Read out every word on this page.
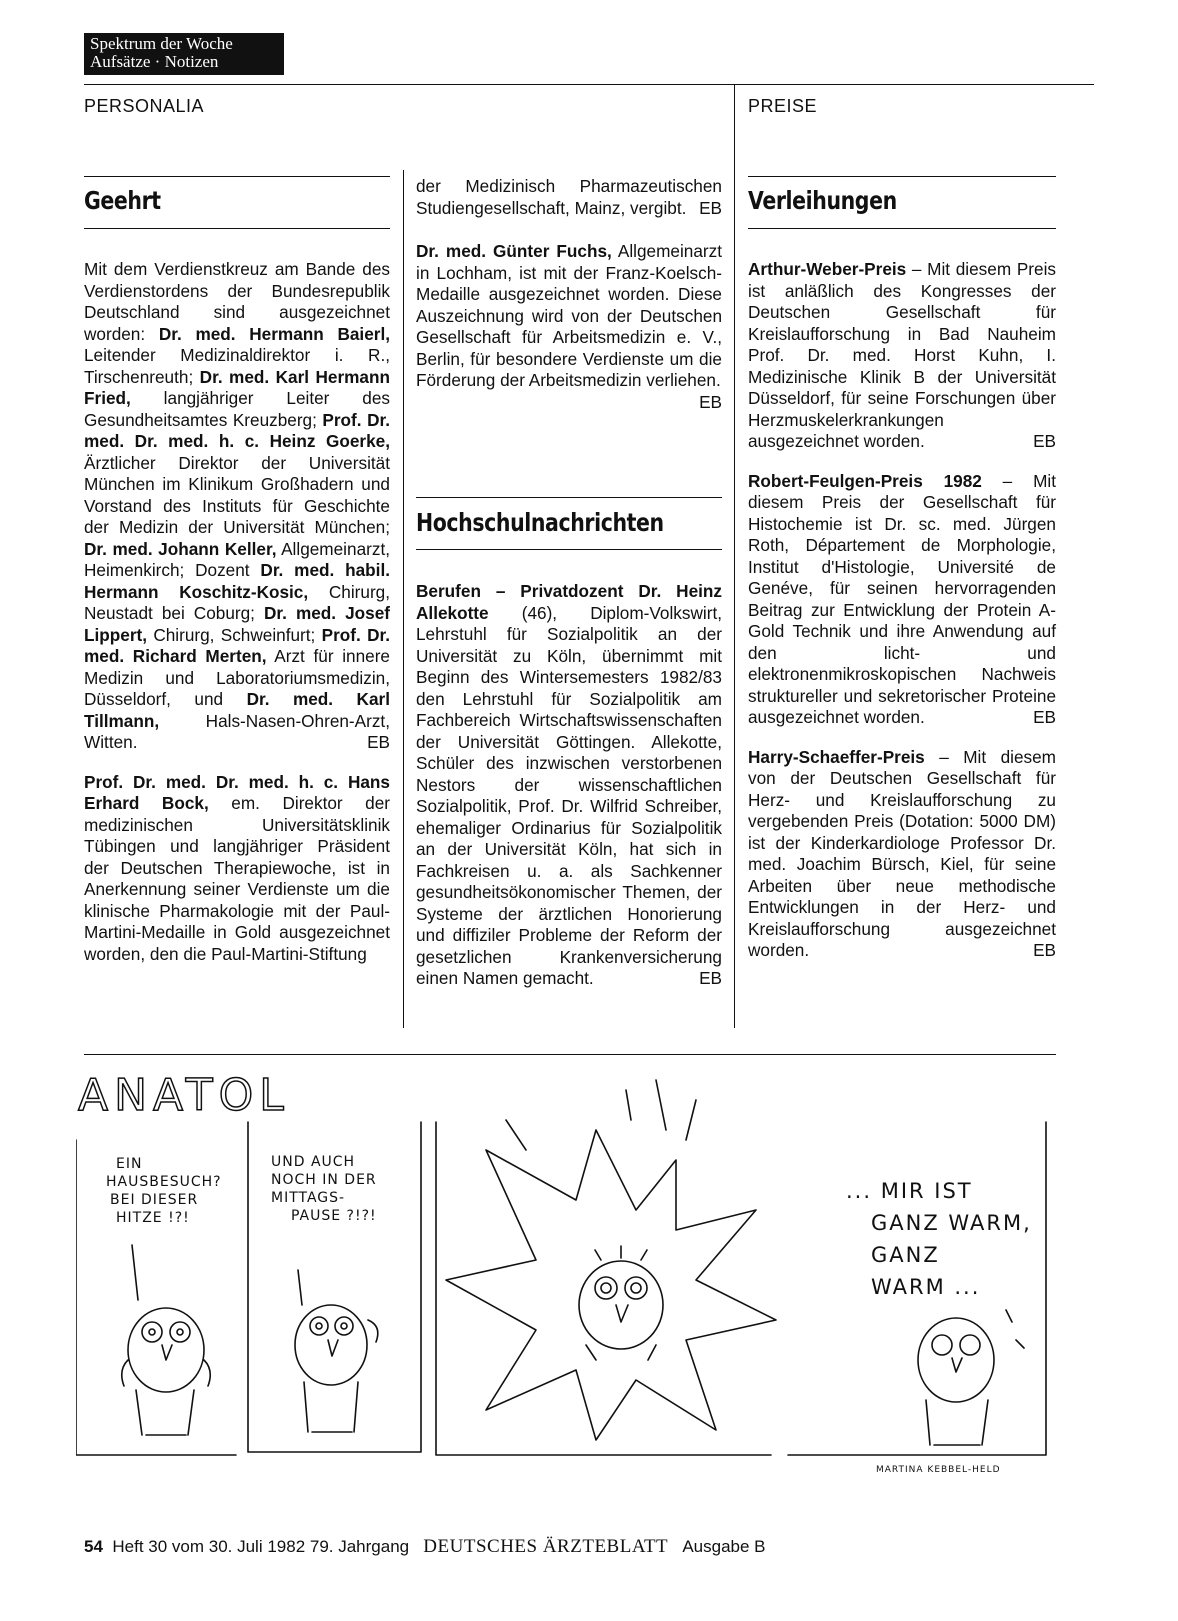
Spektrum der Woche
Aufsätze · Notizen
PERSONALIA	PREISE
Geehrt

Mit dem Verdienstkreuz am Bande des Verdienstordens der Bundesrepublik Deutschland sind ausgezeichnet worden: Dr. med. Hermann Baierl, Leitender Medizinaldirektor i. R., Tirschenreuth; Dr. med. Karl Hermann Fried, langjähriger Leiter des Gesundheitsamtes Kreuzberg; Prof. Dr. med. Dr. med. h. c. Heinz Goerke, Ärztlicher Direktor der Universität München im Klinikum Großhadern und Vorstand des Instituts für Geschichte der Medizin der Universität München; Dr. med. Johann Keller, Allgemeinarzt, Heimenkirch; Dozent Dr. med. habil. Hermann Koschitz-Kosic, Chirurg, Neustadt bei Coburg; Dr. med. Josef Lippert, Chirurg, Schweinfurt; Prof. Dr. med. Richard Merten, Arzt für innere Medizin und Laboratoriumsmedizin, Düsseldorf, und Dr. med. Karl Tillmann, Hals-Nasen-Ohren-Arzt, Witten.	EB

Prof. Dr. med. Dr. med. h. c. Hans Erhard Bock, em. Direktor der medizinischen Universitätsklinik Tübingen und langjähriger Präsident der Deutschen Therapiewoche, ist in Anerkennung seiner Verdienste um die klinische Pharmakologie mit der Paul-Martini-Medaille in Gold ausgezeichnet worden, den die Paul-Martini-Stiftung

der Medizinisch Pharmazeutischen Studiengesellschaft, Mainz, vergibt. EB

Dr. med. Günter Fuchs, Allgemeinarzt in Lochham, ist mit der Franz-Koelsch-Medaille ausgezeichnet worden. Diese Auszeichnung wird von der Deutschen Gesellschaft für Arbeitsmedizin e. V., Berlin, für besondere Verdienste um die Förderung der Arbeitsmedizin verliehen.
EB

Hochschulnachrichten

Berufen – Privatdozent Dr. Heinz Allekotte (46), Diplom-Volkswirt, Lehrstuhl für Sozialpolitik an der Universität zu Köln, übernimmt mit Beginn des Wintersemesters 1982/83 den Lehrstuhl für Sozialpolitik am Fachbereich Wirtschaftswissenschaften der Universität Göttingen. Allekotte, Schüler des inzwischen verstorbenen Nestors der wissenschaftlichen Sozialpolitik, Prof. Dr. Wilfrid Schreiber, ehemaliger Ordinarius für Sozialpolitik an der Universität Köln, hat sich in Fachkreisen u. a. als Sachkenner gesundheitsökonomischer Themen, der Systeme der ärztlichen Honorierung und diffiziler Probleme der Reform der gesetzlichen Krankenversicherung einen Namen gemacht.	EB

Verleihungen

Arthur-Weber-Preis – Mit diesem Preis ist anläßlich des Kongresses der Deutschen Gesellschaft für Kreislaufforschung in Bad Nauheim Prof. Dr. med. Horst Kuhn, I. Medizinische Klinik B der Universität Düsseldorf, für seine Forschungen über Herzmuskelerkrankungen ausgezeichnet worden.	EB

Robert-Feulgen-Preis 1982 – Mit diesem Preis der Gesellschaft für Histochemie ist Dr. sc. med. Jürgen Roth, Département de Morphologie, Institut d'Histologie, Université de Genéve, für seinen hervorragenden Beitrag zur Entwicklung der Protein A-Gold Technik und ihre Anwendung auf den licht- und elektronenmikroskopischen Nachweis struktureller und sekretorischer Proteine ausgezeichnet worden.	EB

Harry-Schaeffer-Preis – Mit diesem von der Deutschen Gesellschaft für Herz- und Kreislaufforschung zu vergebenden Preis (Dotation: 5000 DM) ist der Kinderkardiologe Professor Dr. med. Joachim Bürsch, Kiel, für seine Arbeiten über neue methodische Entwicklungen in der Herz- und Kreislaufforschung ausgezeichnet worden.	EB

ANATOL
EIN
HAUSBESUCH?
BEI DIESER
HITZE !?!
UND AUCH
NOCH IN DER
MITTAGS-
PAUSE ?!?!
... MIR IST
GANZ WARM,
GANZ
WARM ...
MARTINA KEBBEL-HELD
54 Heft 30 vom 30. Juli 1982 79. Jahrgang DEUTSCHES ÄRZTEBLATT Ausgabe B
